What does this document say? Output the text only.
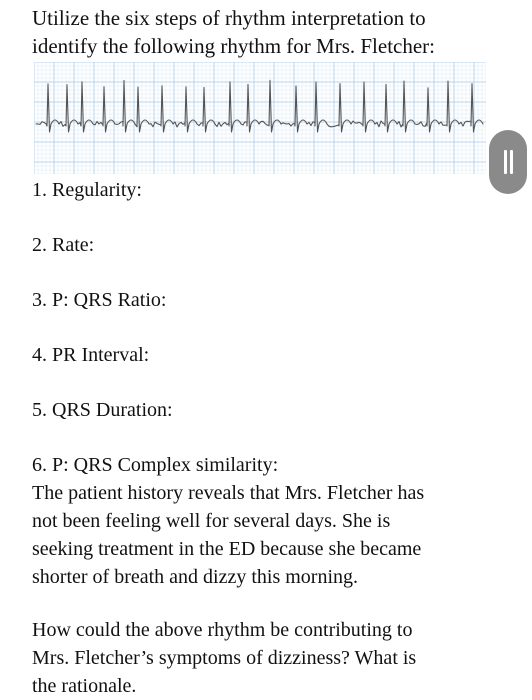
Utilize the six steps of rhythm interpretation to
identify the following rhythm for Mrs. Fletcher:

1. Regularity:

2. Rate:

3. P: QRS Ratio:

4. PR Interval:

5. QRS Duration:

6. P: QRS Complex similarity:

The patient history reveals that Mrs. Fletcher has
not been feeling well for several days. She is
seeking treatment in the ED because she became
shorter of breath and dizzy this morning.

How could the above rhythm be contributing to
Mrs. Fletcher’s symptoms of dizziness? What is
the rationale.
